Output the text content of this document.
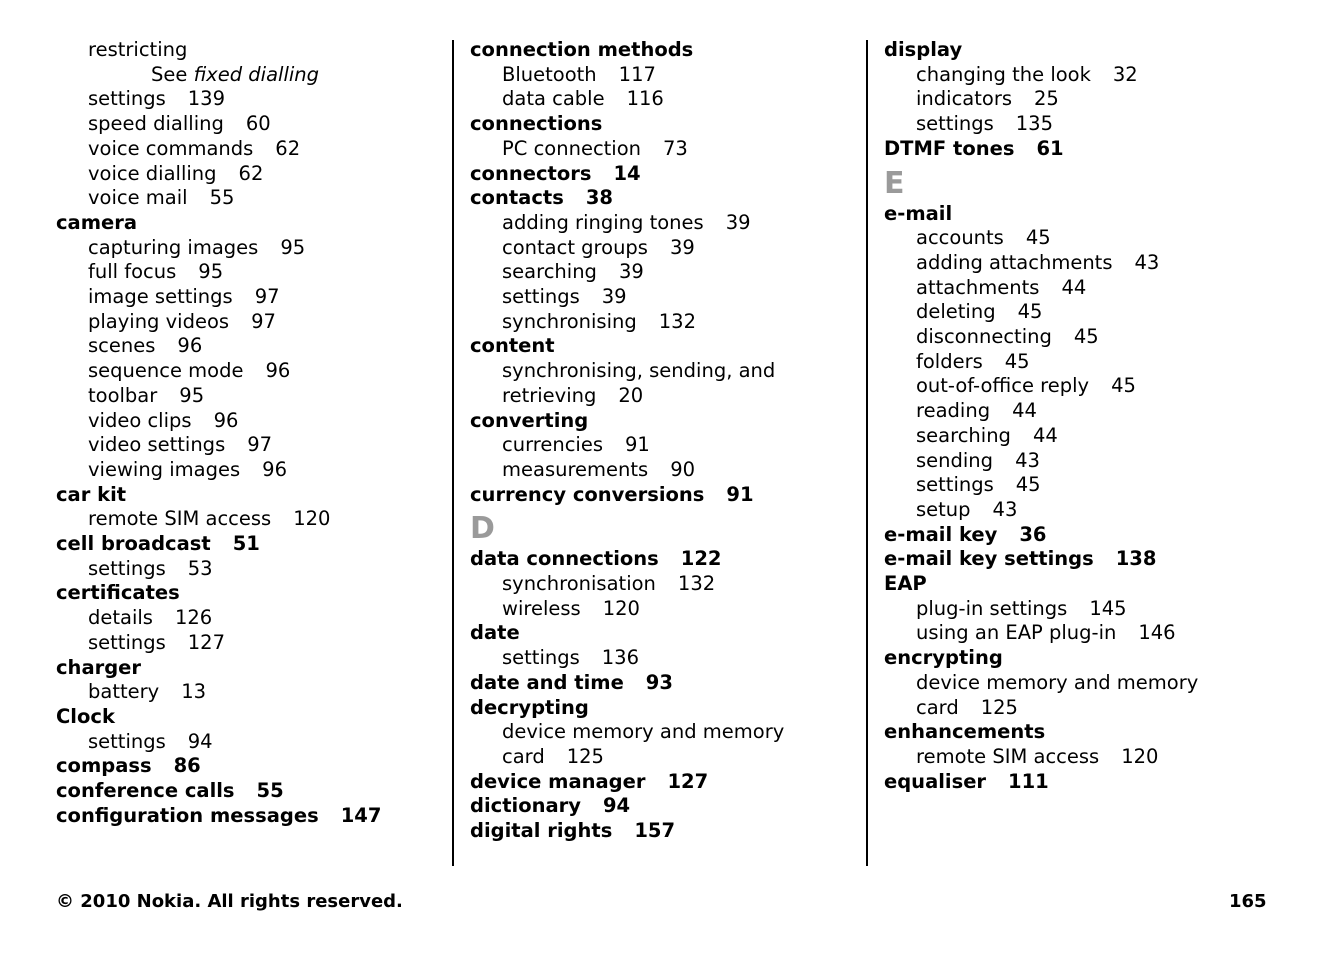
restricting
See fixed dialling
settings 139
speed dialling 60
voice commands 62
voice dialling 62
voice mail 55
camera
capturing images 95
full focus 95
image settings 97
playing videos 97
scenes 96
sequence mode 96
toolbar 95
video clips 96
video settings 97
viewing images 96
car kit
remote SIM access 120
cell broadcast 51
settings 53
certificates
details 126
settings 127
charger
battery 13
Clock
settings 94
compass 86
conference calls 55
configuration messages 147
connection methods
Bluetooth 117
data cable 116
connections
PC connection 73
connectors 14
contacts 38
adding ringing tones 39
contact groups 39
searching 39
settings 39
synchronising 132
content
synchronising, sending, and
retrieving 20
converting
currencies 91
measurements 90
currency conversions 91
D
data connections 122
synchronisation 132
wireless 120
date
settings 136
date and time 93
decrypting
device memory and memory
card 125
device manager 127
dictionary 94
digital rights 157
display
changing the look 32
indicators 25
settings 135
DTMF tones 61
E
e-mail
accounts 45
adding attachments 43
attachments 44
deleting 45
disconnecting 45
folders 45
out-of-office reply 45
reading 44
searching 44
sending 43
settings 45
setup 43
e-mail key 36
e-mail key settings 138
EAP
plug-in settings 145
using an EAP plug-in 146
encrypting
device memory and memory
card 125
enhancements
remote SIM access 120
equaliser 111
© 2010 Nokia. All rights reserved.	165
